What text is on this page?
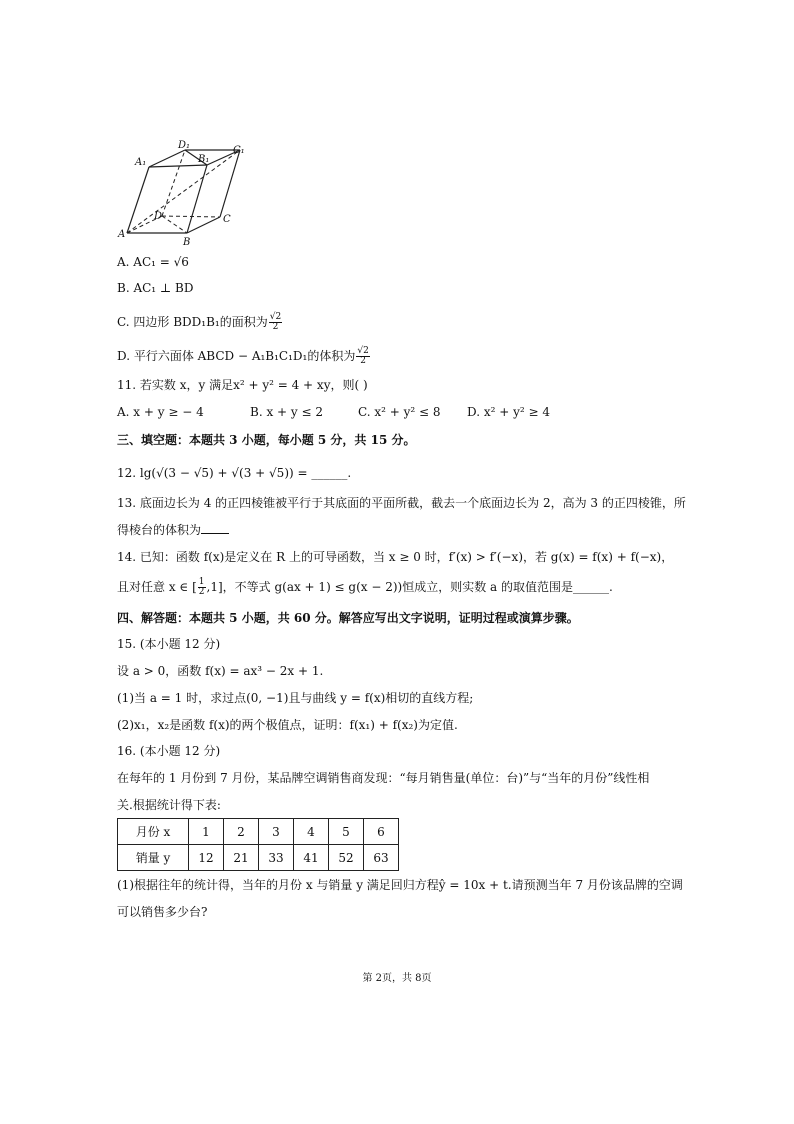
A₁
D₁
B₁
C₁
A
B
C
D
A. AC₁ = √6
B. AC₁ ⊥ BD
C. 四边形 BDD₁B₁的面积为 $\frac{√2}{2}$
D. 平行六面体 ABCD − A₁B₁C₁D₁的体积为 $\frac{√2}{2}$
11. 若实数 x，y 满足x² + y² = 4 + xy，则( )
A. x + y ≥ − 4	B. x + y ≤ 2	C. x² + y² ≤ 8 D. x² + y² ≥ 4
三、填空题：本题共 3 小题，每小题 5 分，共 15 分。
12. lg(√(3 − √5) + √(3 + √5)) = ______.
13. 底面边长为 4 的正四棱锥被平行于其底面的平面所截，截去一个底面边长为 2，高为 3 的正四棱锥，所
得棱台的体积为
14. 已知：函数 f(x)是定义在 R 上的可导函数，当 x ≥ 0 时，f′(x) > f′(−x)，若 g(x) = f(x) + f(−x)，
且对任意 x ∈ [ $\frac{1}{2} ,1$]，不等式 g(ax + 1) ≤ g(x − 2))恒成立，则实数 a 的取值范围是______.
四、解答题：本题共 5 小题，共 60 分。解答应写出文字说明，证明过程或演算步骤。
15. (本小题 12 分)
设 a > 0，函数 f(x) = ax³ − 2x + 1.
(1)当 a = 1 时，求过点(0, −1)且与曲线 y = f(x)相切的直线方程;
(2)x₁，x₂是函数 f(x)的两个极值点，证明：f(x₁) + f(x₂)为定值.
16. (本小题 12 分)
在每年的 1 月份到 7 月份，某品牌空调销售商发现：“每月销售量(单位：台)”与“当年的月份”线性相
关.根据统计得下表:
月份 x	1	2	3	4	5	6
销量 y	12	21	33	41	52	63
(1)根据往年的统计得，当年的月份 x 与销量 y 满足回归方程ŷ = 10x + t.请预测当年 7 月份该品牌的空调
可以销售多少台?
第 2页，共 8页
